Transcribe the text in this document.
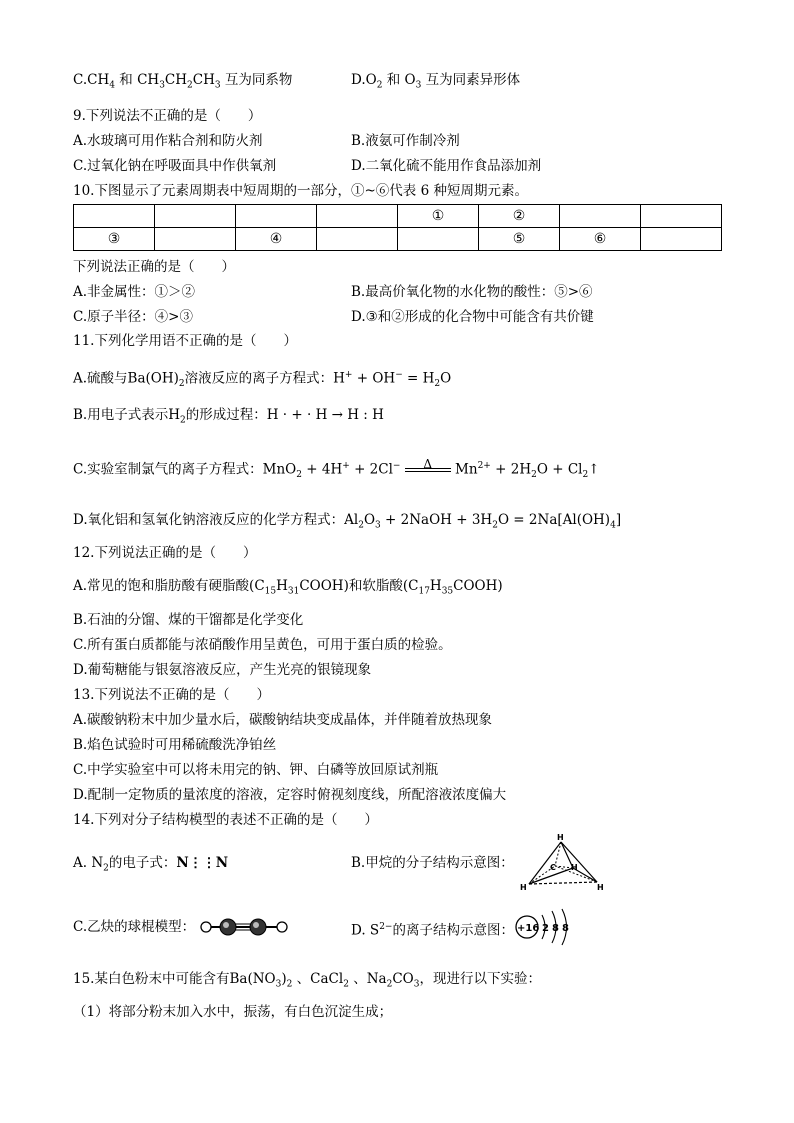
$C.CH_4$ 和 $CH_3CH_2CH_3$ 互为同系物	$D.O_2$ 和 $O_3$ 互为同素异形体
9.下列说法不正确的是（　　）
A.水玻璃可用作粘合剂和防火剂	B.液氨可作制冷剂
C.过氧化钠在呼吸面具中作供氧剂	D.二氧化硫不能用作食品添加剂
10.下图显示了元素周期表中短周期的一部分，①~⑥代表 6 种短周期元素。
				①	②		
③		④			⑤	⑥	
下列说法正确的是（　　）
A.非金属性：①＞②	B.最高价氧化物的水化物的酸性：⑤>⑥
C.原子半径：④>③	D.③和②形成的化合物中可能含有共价键
11.下列化学用语不正确的是（　　）
A.硫酸与$Ba(OH)_2$溶液反应的离子方程式：$H^+ + OH^- = H_2O$
B.用电子式表示$H_2$的形成过程：H · + · H → H : H
C.实验室制氯气的离子方程式：MnO$_2$ + 4H+ + 2Cl−	Δ	$Mn^{2+} + 2H_2O$ + $Cl_2↑$
D.氧化铝和氢氧化钠溶液反应的化学方程式：$Al_2O_3$ + 2NaOH + $3H_2O = 2Na[Al(OH)_4]$
12.下列说法正确的是（　　）
A.常见的饱和脂肪酸有硬脂酸$(C_{15}H_{31}COOH)$和软脂酸$(C_{17}H_{35}COOH)$
B.石油的分馏、煤的干馏都是化学变化
C.所有蛋白质都能与浓硝酸作用呈黄色，可用于蛋白质的检验。
D.葡萄糖能与银氨溶液反应，产生光亮的银镜现象
13.下列说法不正确的是（　　）
A.碳酸钠粉末中加少量水后，碳酸钠结块变成晶体，并伴随着放热现象
B.焰色试验时可用稀硫酸洗净铂丝
C.中学实验室中可以将未用完的钠、钾、白磷等放回原试剂瓶
D.配制一定物质的量浓度的溶液，定容时俯视刻度线，所配溶液浓度偏大
14.下列对分子结构模型的表述不正确的是（　　）
A. $N_2$的电子式：N⋮⋮N	B.甲烷的分子结构示意图：
H
C H
H	H
C.乙炔的球棍模型：	D. $S^{2-}$的离子结构示意图： +16 2 8 8
15.某白色粉末中可能含有$Ba(NO_3)_2$ 、CaCl$_2$ 、$Na_2CO_3$，现进行以下实验：
（1）将部分粉末加入水中，振荡，有白色沉淀生成；
